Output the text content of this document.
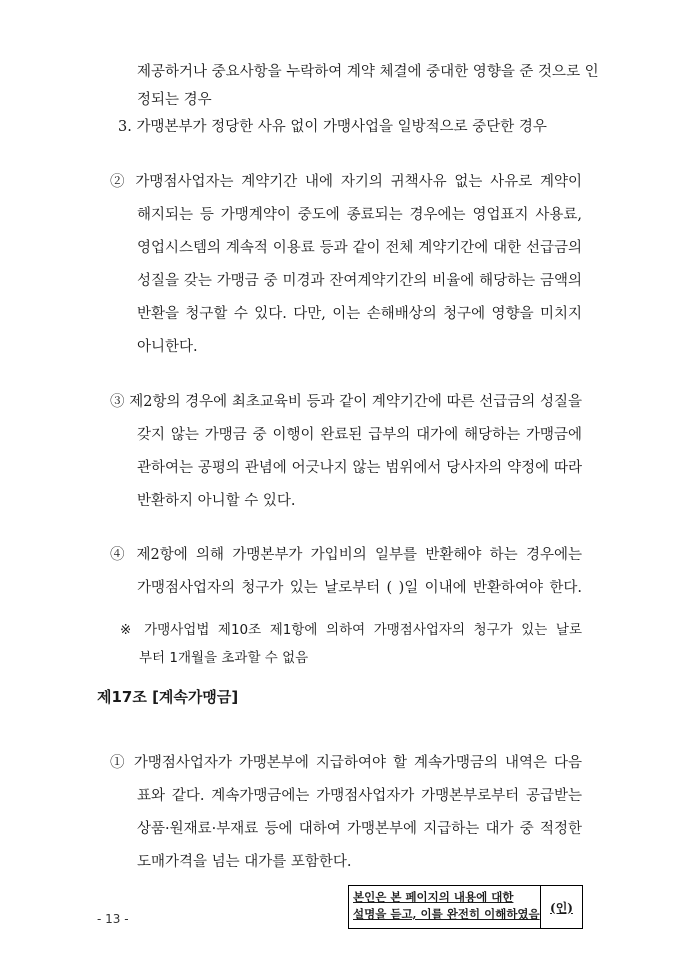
제공하거나 중요사항을 누락하여 계약 체결에 중대한 영향을 준 것으로 인
정되는 경우
3. 가맹본부가 정당한 사유 없이 가맹사업을 일방적으로 중단한 경우
② 가맹점사업자는 계약기간 내에 자기의 귀책사유 없는 사유로 계약이
해지되는 등 가맹계약이 중도에 종료되는 경우에는 영업표지 사용료,
영업시스템의 계속적 이용료 등과 같이 전체 계약기간에 대한 선급금의
성질을 갖는 가맹금 중 미경과 잔여계약기간의 비율에 해당하는 금액의
반환을 청구할 수 있다. 다만, 이는 손해배상의 청구에 영향을 미치지
아니한다.
③ 제2항의 경우에 최초교육비 등과 같이 계약기간에 따른 선급금의 성질을
갖지 않는 가맹금 중 이행이 완료된 급부의 대가에 해당하는 가맹금에
관하여는 공평의 관념에 어긋나지 않는 범위에서 당사자의 약정에 따라
반환하지 아니할 수 있다.
④ 제2항에 의해 가맹본부가 가입비의 일부를 반환해야 하는 경우에는
가맹점사업자의 청구가 있는 날로부터 ( )일 이내에 반환하여야 한다.
※ 가맹사업법 제10조 제1항에 의하여 가맹점사업자의 청구가 있는 날로
부터 1개월을 초과할 수 없음
제17조 [계속가맹금]
① 가맹점사업자가 가맹본부에 지급하여야 할 계속가맹금의 내역은 다음
표와 같다. 계속가맹금에는 가맹점사업자가 가맹본부로부터 공급받는
상품·원재료·부재료 등에 대하여 가맹본부에 지급하는 대가 중 적정한
도매가격을 넘는 대가를 포함한다.
- 13 -
본인은 본 페이지의 내용에 대한
설명을 듣고, 이를 완전히 이해하였음 (인)
